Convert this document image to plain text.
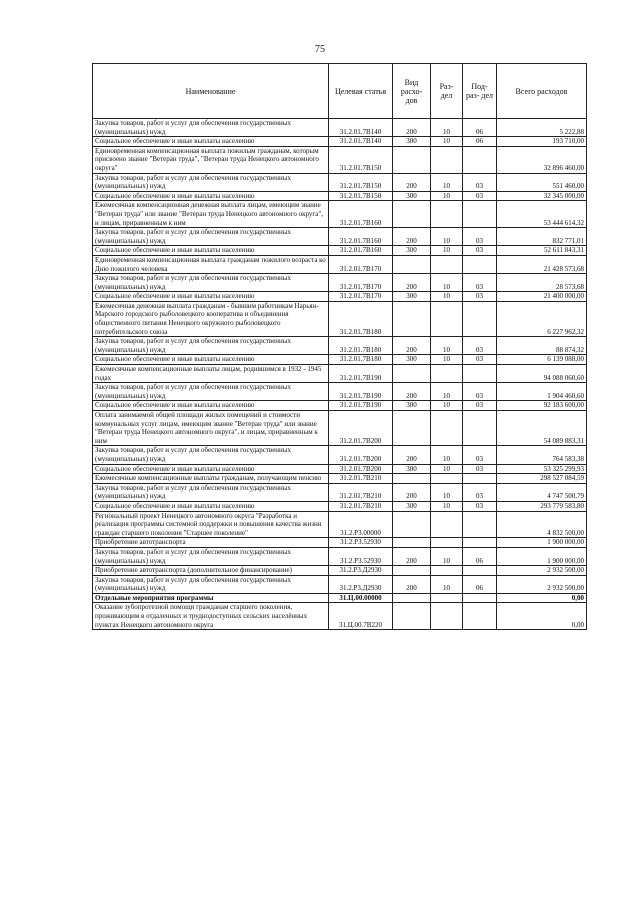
75
Наименование	Целевая статья	Вид расхо- дов	Раз- дел	Под- раз- дел	Всего расходов
Закупка товаров, работ и услуг для обеспечения государственных (муниципальных) нужд	31.2.01.7В140	200	10	06	5 222,88
Социальное обеспечение и иные выплаты населению	31.2.01.7В140	300	10	06	193 710,00
Единовременная компенсационная выплата пожилым гражданам, которым присвоено звание "Ветеран труда", "Ветеран труда Ненецкого автономного округа"	31.2.01.7В150				32 896 460,00
Закупка товаров, работ и услуг для обеспечения государственных (муниципальных) нужд	31.2.01.7В150	200	10	03	551 460,00
Социальное обеспечение и иные выплаты населению	31.2.01.7В150	300	10	03	32 345 000,00
Ежемесячная компенсационная денежная выплата лицам, имеющим звание "Ветеран труда" или звание "Ветеран труда Ненецкого автономного округа", и лицам, приравненным к ним	31.2.01.7В160				53 444 614,32
Закупка товаров, работ и услуг для обеспечения государственных (муниципальных) нужд	31.2.01.7В160	200	10	03	832 771,01
Социальное обеспечение и иные выплаты населению	31.2.01.7В160	300	10	03	52 611 843,31
Единовременная компенсационная выплата гражданам пожилого возраста ко Дню пожилого человека	31.2.01.7В170				21 428 573,68
Закупка товаров, работ и услуг для обеспечения государственных (муниципальных) нужд	31.2.01.7В170	200	10	03	28 573,68
Социальное обеспечение и иные выплаты населению	31.2.01.7В170	300	10	03	21 400 000,00
Ежемесячная денежная выплата гражданам - бывшим работникам Нарьян-Марского городского рыболовецкого кооператива и объединения общественного питания Ненецкого окружного рыболовецкого потребительского союза	31.2.01.7В180				6 227 962,32
Закупка товаров, работ и услуг для обеспечения государственных (муниципальных) нужд	31.2.01.7В180	200	10	03	88 874,32
Социальное обеспечение и иные выплаты населению	31.2.01.7В180	300	10	03	6 139 088,00
Ежемесячные компенсационные выплаты лицам, родившимся в 1932 - 1945 годах	31.2.01.7В190				94 088 060,60
Закупка товаров, работ и услуг для обеспечения государственных (муниципальных) нужд	31.2.01.7В190	200	10	03	1 904 460,60
Социальное обеспечение и иные выплаты населению	31.2.01.7В190	300	10	03	92 183 600,00
Оплата занимаемой общей площади жилых помещений и стоимости коммунальных услуг лицам, имеющим звание "Ветеран труда" или звание "Ветеран труда Ненецкого автономного округа", и лицам, приравненным к ним	31.2.01.7В200				54 089 883,31
Закупка товаров, работ и услуг для обеспечения государственных (муниципальных) нужд	31.2.01.7В200	200	10	03	764 583,38
Социальное обеспечение и иные выплаты населению	31.2.01.7В200	300	10	03	53 325 299,93
Ежемесячные компенсационные выплаты гражданам, получающим пенсию	31.2.01.7В210				298 527 084,59
Закупка товаров, работ и услуг для обеспечения государственных (муниципальных) нужд	31.2.01.7В210	200	10	03	4 747 500,79
Социальное обеспечение и иные выплаты населению	31.2.01.7В210	300	10	03	293 779 583,80
Региональный проект Ненецкого автономного округа "Разработка и реализация программы системной поддержки и повышения качества жизни граждан старшего поколения "Старшее поколение"	31.2.Р3.00000				4 832 500,00
Приобретение автотранспорта	31.2.Р3.52930				1 900 000,00
Закупка товаров, работ и услуг для обеспечения государственных (муниципальных) нужд	31.2.Р3.52930	200	10	06	1 900 000,00
Приобретение автотранспорта (дополнительное финансирование)	31.2.Р3.Д2930				2 932 500,00
Закупка товаров, работ и услуг для обеспечения государственных (муниципальных) нужд	31.2.Р3.Д2930	200	10	06	2 932 500,00
Отдельные мероприятия программы	31.Ц.00.00000				0,00
Оказание зубопротезной помощи гражданам старшего поколения, проживающим в отдаленных и труднодоступных сельских населённых пунктах Ненецкого автономного округа	31.Ц.00.7В220				0,00
